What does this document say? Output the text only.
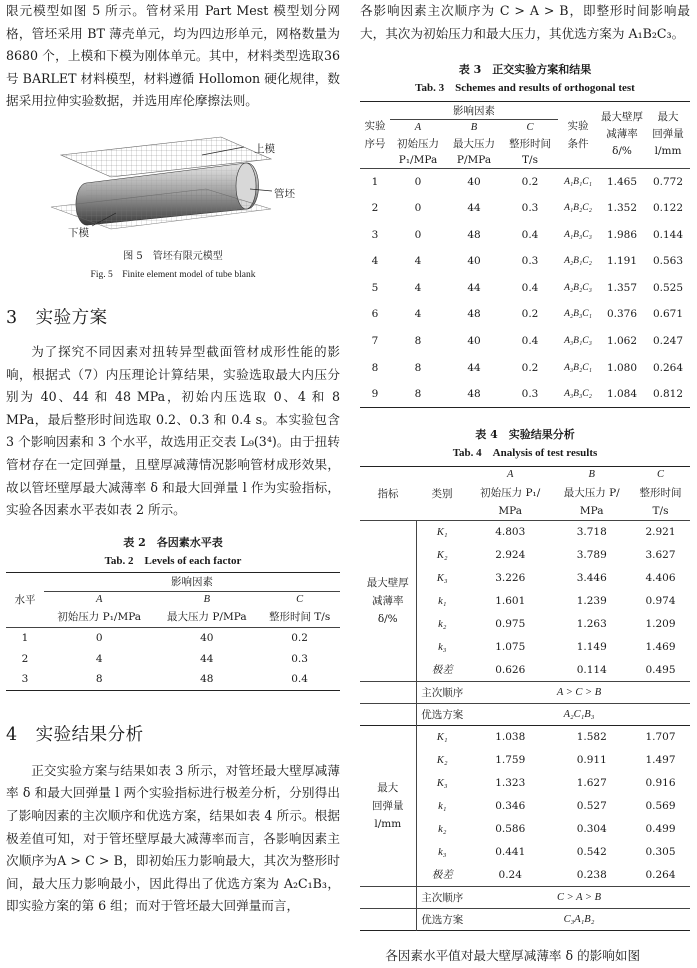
限元模型如图 5 所示。管材采用 Part Mest 模型划分网格，管坯采用 BT 薄壳单元，均为四边形单元，网格数量为 8680 个，上模和下模为刚体单元。其中，材料类型选取36 号 BARLET 材料模型，材料遵循 Hollomon 硬化规律，数据采用拉伸实验数据，并选用库伦摩擦法则。

上模
管坯
下模

图 5　管坯有限元模型

Fig. 5　Finite element model of tube blank

3　实验方案

为了探究不同因素对扭转异型截面管材成形性能的影响，根据式（7）内压理论计算结果，实验选取最大内压分别为 40、44 和 48 MPa，初始内压选取 0、4 和 8 MPa，最后整形时间选取 0.2、0.3 和 0.4 s。本实验包含 3 个影响因素和 3 个水平，故选用正交表 L₉(3⁴)。由于扭转管材存在一定回弹量，且壁厚减薄情况影响管材成形效果，故以管坯壁厚最大减薄率 δ 和最大回弹量 l 作为实验指标，实验各因素水平表如表 2 所示。

表 2　各因素水平表

Tab. 2　Levels of each factor

水平	影响因素		
	A	B	C
	初始压力 P₁/MPa	最大压力 P/MPa	整形时间 T/s
1	0	40	0.2
2	4	44	0.3
3	8	48	0.4
4　实验结果分析

正交实验方案与结果如表 3 所示，对管坯最大壁厚减薄率 δ 和最大回弹量 l 两个实验指标进行极差分析，分别得出了影响因素的主次顺序和优选方案，结果如表 4 所示。根据极差值可知，对于管坯壁厚最大减薄率而言，各影响因素主次顺序为A > C > B，即初始压力影响最大，其次为整形时间，最大压力影响最小，因此得出了优选方案为 A₂C₁B₃，即实验方案的第 6 组；而对于管坯最大回弹量而言，

各影响因素主次顺序为 C > A > B，即整形时间影响最大，其次为初始压力和最大压力，其优选方案为 A₁B₂C₃。

表 3　正交实验方案和结果

Tab. 3　Schemes and results of orthogonal test

实验
序号	影响因素			实验
条件	最大壁厚
减薄率
δ/%	最大
回弹量
l/mm
	A	B	C			
	初始压力
P₁/MPa	最大压力
P/MPa	整形时间
T/s			
1	0	40	0.2	A₁B₁C₁	1.465	0.772
2	0	44	0.3	A₁B₂C₂	1.352	0.122
3	0	48	0.4	A₁B₃C₃	1.986	0.144
4	4	40	0.3	A₂B₁C₂	1.191	0.563
5	4	44	0.4	A₂B₂C₃	1.357	0.525
6	4	48	0.2	A₂B₃C₁	0.376	0.671
7	8	40	0.4	A₃B₁C₃	1.062	0.247
8	8	44	0.2	A₃B₂C₁	1.080	0.264
9	8	48	0.3	A₃B₃C₂	1.084	0.812

表 4　实验结果分析

Tab. 4　Analysis of test results

指标	类别	A	B	C
		初始压力 P₁/	最大压力 P/	整形时间
		MPa	MPa	T/s
最大壁厚
减薄率
δ/%	K₁	4.803	3.718	2.921
	K₂	2.924	3.789	3.627
	K₃	3.226	3.446	4.406
	k₁	1.601	1.239	0.974
	k₂	0.975	1.263	1.209
	k₃	1.075	1.149	1.469
	极差	0.626	0.114	0.495
	主次顺序	A > C > B		
	优选方案	A₂C₁B₃		
最大
回弹量
l/mm	K₁	1.038	1.582	1.707
	K₂	1.759	0.911	1.497
	K₃	1.323	1.627	0.916
	k₁	0.346	0.527	0.569
	k₂	0.586	0.304	0.499
	k₃	0.441	0.542	0.305
	极差	0.24	0.238	0.264
	主次顺序	C > A > B		
	优选方案	C₃A₁B₂		

各因素水平值对最大壁厚减薄率 δ 的影响如图
